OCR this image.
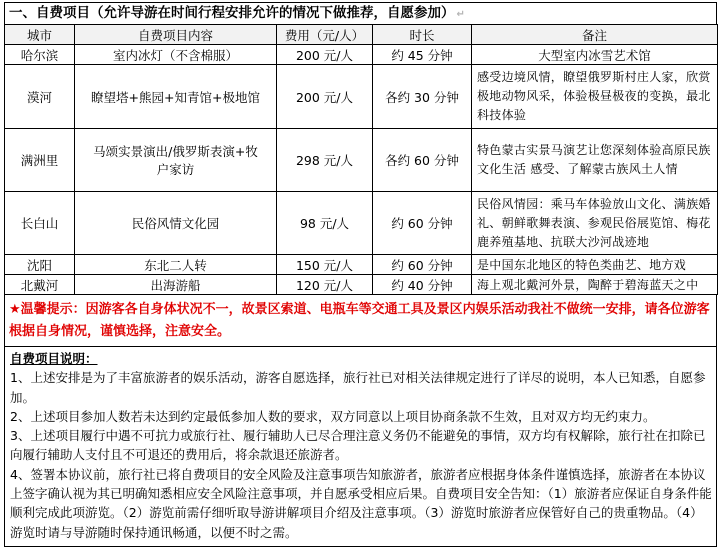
一、自费项目（允许导游在时间行程安排允许的情况下做推荐，自愿参加） ↵
城市	自费项目内容	费用（元/人）	时长	备注
哈尔滨	室内冰灯（不含棉服）	200 元/人	约 45 分钟	大型室内冰雪艺术馆
漠河	瞭望塔+熊园+知青馆+极地馆	200 元/人	各约 30 分钟	感受边境风情，瞭望俄罗斯村庄人家，欣赏极地动物风采，体验极昼极夜的变换，最北科技体验
满洲里	马颂实景演出/俄罗斯表演+牧户家访	298 元/人	各约 60 分钟	特色蒙古实景马演艺让您深刻体验高原民族文化生活 感受、了解蒙古族风土人情
长白山	民俗风情文化园	98 元/人	约 60 分钟	民俗风情园：乘马车体验放山文化、满族婚礼、朝鲜歌舞表演、参观民俗展览馆、梅花鹿养殖基地、抗联大沙河战迹地
沈阳	东北二人转	150 元/人	约 60 分钟	是中国东北地区的特色类曲艺、地方戏
北戴河	出海游船	120 元/人	约 40 分钟	海上观北戴河外景，陶醉于碧海蓝天之中
★温馨提示：因游客各自身体状况不一，故景区索道、电瓶车等交通工具及景区内娱乐活动我社不做统一安排，请各位游客根据自身情况，谨慎选择，注意安全。

自费项目说明：

1、上述安排是为了丰富旅游者的娱乐活动，游客自愿选择，旅行社已对相关法律规定进行了详尽的说明，本人已知悉，自愿参加。

2、上述项目参加人数若未达到约定最低参加人数的要求，双方同意以上项目协商条款不生效，且对双方均无约束力。

3、上述项目履行中遇不可抗力或旅行社、履行辅助人已尽合理注意义务仍不能避免的事情，双方均有权解除，旅行社在扣除已向履行辅助人支付且不可退还的费用后，将余款退还旅游者。

4、签署本协议前，旅行社已将自费项目的安全风险及注意事项告知旅游者，旅游者应根据身体条件谨慎选择，旅游者在本协议上签字确认视为其已明确知悉相应安全风险注意事项，并自愿承受相应后果。自费项目安全告知：（1）旅游者应保证自身条件能顺利完成此项游览。（2）游览前需仔细听取导游讲解项目介绍及注意事项。（3）游览时旅游者应保管好自己的贵重物品。（4）游览时请与导游随时保持通讯畅通，以便不时之需。
